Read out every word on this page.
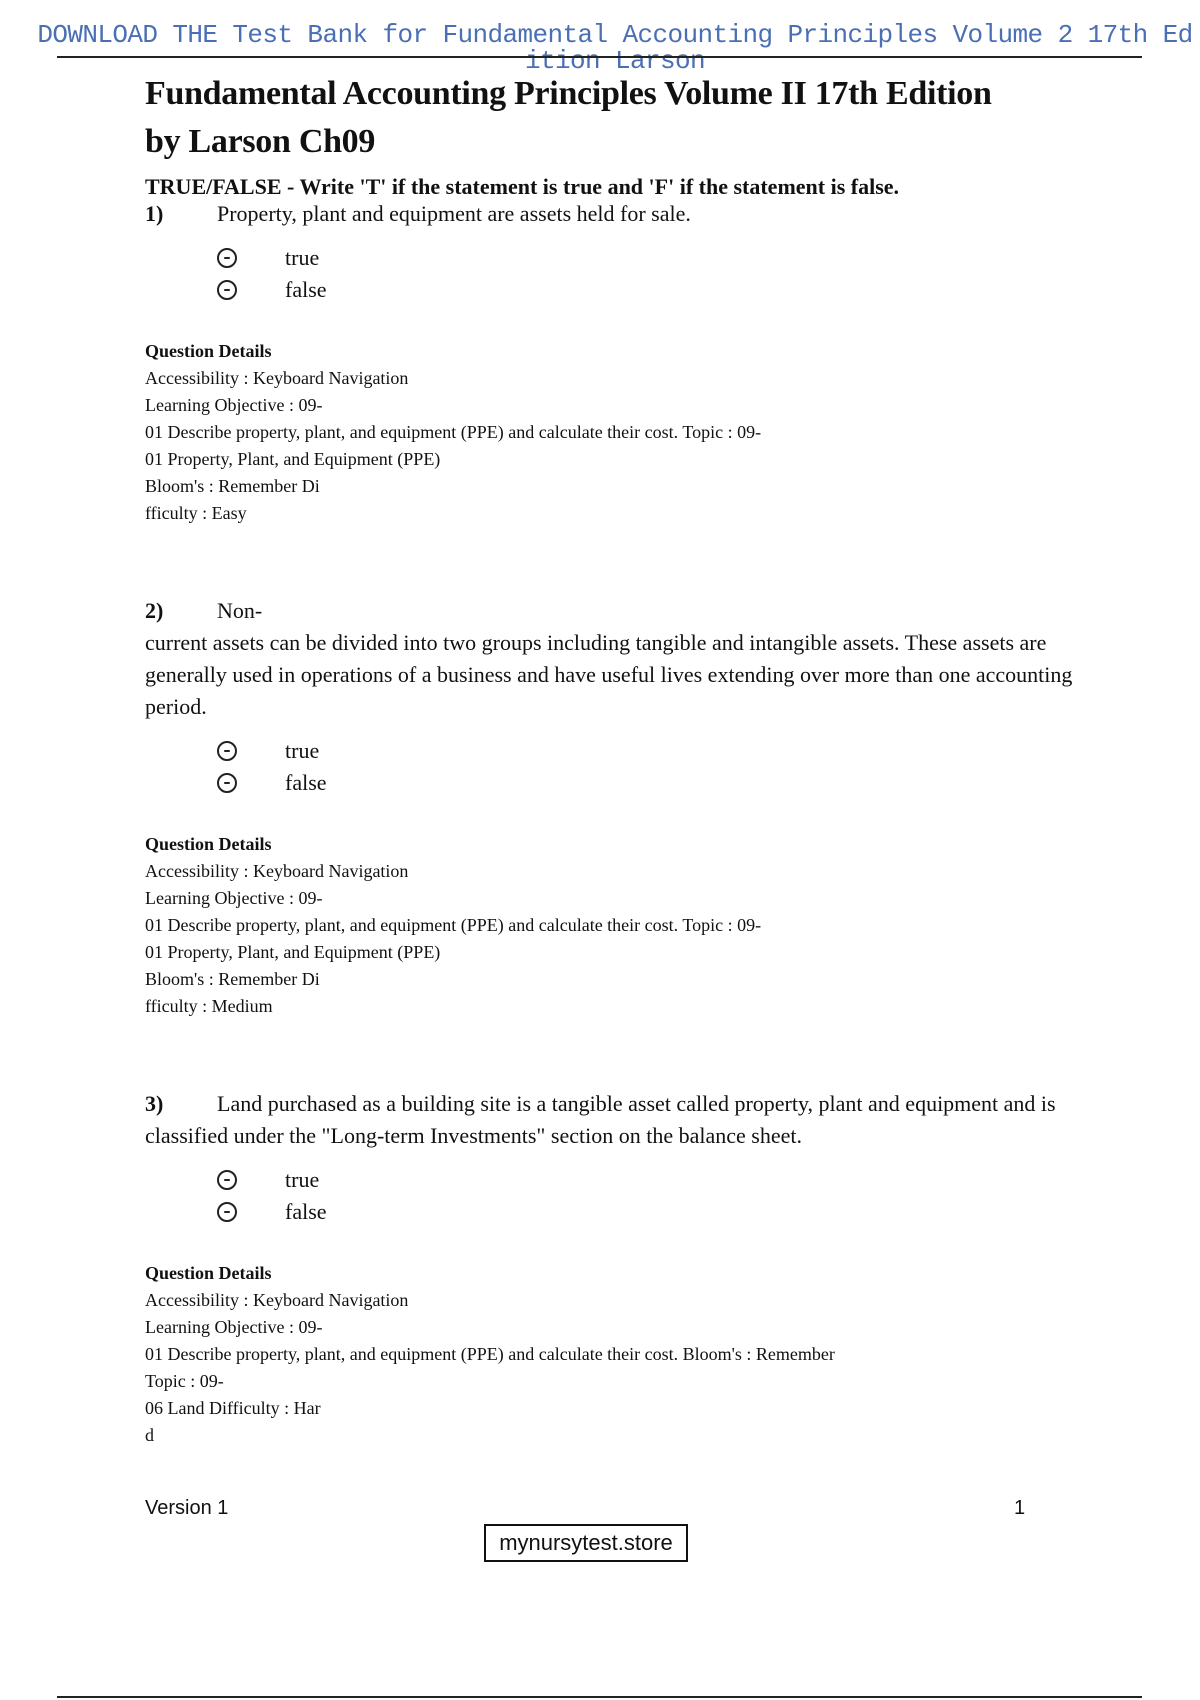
DOWNLOAD THE Test Bank for Fundamental Accounting Principles Volume 2 17th Edition Larson
Fundamental Accounting Principles Volume II 17th Edition
by Larson Ch09
TRUE/FALSE - Write 'T' if the statement is true and 'F' if the statement is false.
1) Property, plant and equipment are assets held for sale.
true
false
Question Details
Accessibility : Keyboard Navigation
Learning Objective : 09-
01 Describe property, plant, and equipment (PPE) and calculate their cost. Topic : 09-
01 Property, Plant, and Equipment (PPE)
Bloom's : Remember Di
fficulty : Easy
2) Non-
current assets can be divided into two groups including tangible and intangible assets. These assets are generally used in operations of a business and have useful lives extending over more than one accounting period.
true
false
Question Details
Accessibility : Keyboard Navigation
Learning Objective : 09-
01 Describe property, plant, and equipment (PPE) and calculate their cost. Topic : 09-
01 Property, Plant, and Equipment (PPE)
Bloom's : Remember Di
fficulty : Medium
3) Land purchased as a building site is a tangible asset called property, plant and equipment and is classified under the "Long-term Investments" section on the balance sheet.
true
false
Question Details
Accessibility : Keyboard Navigation
Learning Objective : 09-
01 Describe property, plant, and equipment (PPE) and calculate their cost. Bloom's : Remember
Topic : 09-
06 Land Difficulty : Har
d
Version 1	1
mynursytest.store
